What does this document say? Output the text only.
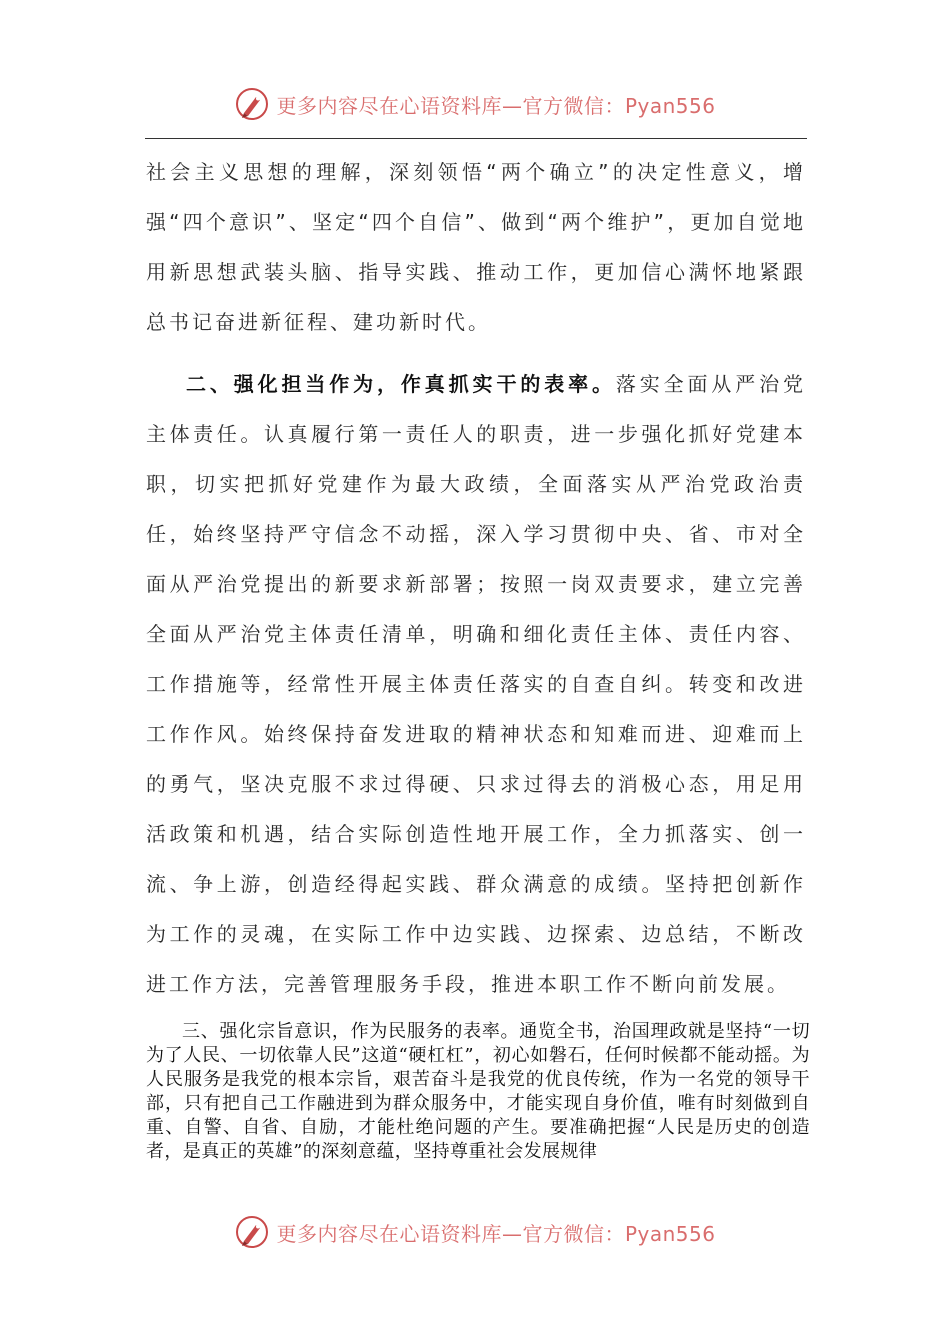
更多内容尽在心语资料库—官方微信：Pyan556

社会主义思想的理解，深刻领悟“两个确立”的决定性意义，增强“四个意识”、坚定“四个自信”、做到“两个维护”，更加自觉地用新思想武装头脑、指导实践、推动工作，更加信心满怀地紧跟总书记奋进新征程、建功新时代。

二、强化担当作为，作真抓实干的表率。落实全面从严治党主体责任。认真履行第一责任人的职责，进一步强化抓好党建本职，切实把抓好党建作为最大政绩，全面落实从严治党政治责任，始终坚持严守信念不动摇，深入学习贯彻中央、省、市对全面从严治党提出的新要求新部署；按照一岗双责要求，建立完善全面从严治党主体责任清单，明确和细化责任主体、责任内容、工作措施等，经常性开展主体责任落实的自查自纠。转变和改进工作作风。始终保持奋发进取的精神状态和知难而进、迎难而上的勇气，坚决克服不求过得硬、只求过得去的消极心态，用足用活政策和机遇，结合实际创造性地开展工作，全力抓落实、创一流、争上游，创造经得起实践、群众满意的成绩。坚持把创新作为工作的灵魂，在实际工作中边实践、边探索、边总结，不断改进工作方法，完善管理服务手段，推进本职工作不断向前发展。

三、强化宗旨意识，作为民服务的表率。通览全书，治国理政就是坚持“一切为了人民、一切依靠人民”这道“硬杠杠”，初心如磐石，任何时候都不能动摇。为人民服务是我党的根本宗旨，艰苦奋斗是我党的优良传统，作为一名党的领导干部，只有把自己工作融进到为群众服务中，才能实现自身价值，唯有时刻做到自重、自警、自省、自励，才能杜绝问题的产生。要准确把握“人民是历史的创造者，是真正的英雄”的深刻意蕴，坚持尊重社会发展规律

更多内容尽在心语资料库—官方微信：Pyan556
